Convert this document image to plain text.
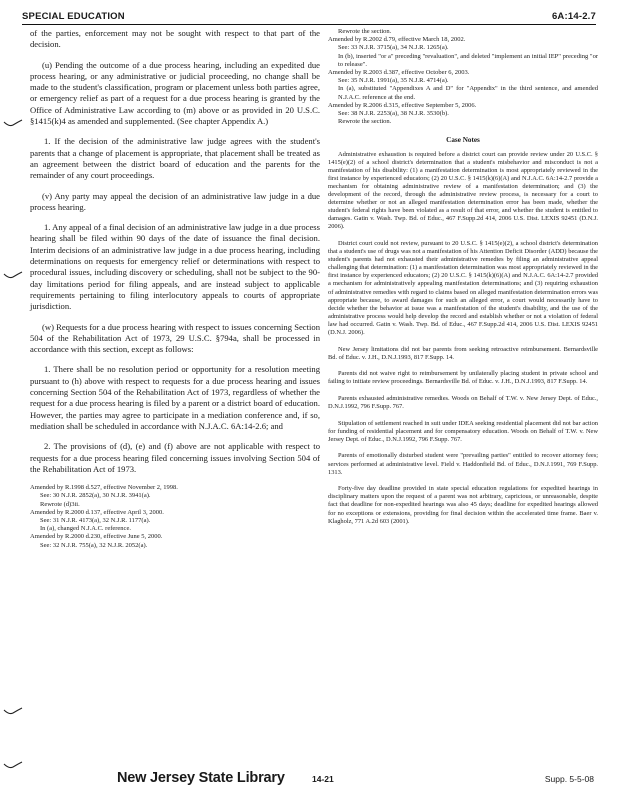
SPECIAL EDUCATION	6A:14-2.7

of the parties, enforcement may not be sought with respect to that part of the decision.

(u) Pending the outcome of a due process hearing, including an expedited due process hearing, or any administrative or judicial proceeding, no change shall be made to the student's classification, program or placement unless both parties agree, or emergency relief as part of a request for a due process hearing is granted by the Office of Administrative Law according to (m) above or as provided in 20 U.S.C. §1415(k)4 as amended and supplemented. (See chapter Appendix A.)

1. If the decision of the administrative law judge agrees with the student's parents that a change of placement is appropriate, that placement shall be treated as an agreement between the district board of education and the parents for the remainder of any court proceedings.

(v) Any party may appeal the decision of an administrative law judge in a due process hearing.

1. Any appeal of a final decision of an administrative law judge in a due process hearing shall be filed within 90 days of the date of issuance the final decision. Interim decisions of an administrative law judge in a due process hearing, including determinations on requests for emergency relief or determinations with respect to procedural issues, including discovery or scheduling, shall not be subject to the 90-day limitations period for filing appeals, and are instead subject to applicable requirements pertaining to filing interlocutory appeals to courts of appropriate jurisdiction.

(w) Requests for a due process hearing with respect to issues concerning Section 504 of the Rehabilitation Act of 1973, 29 U.S.C. §794a, shall be processed in accordance with this section, except as follows:

1. There shall be no resolution period or opportunity for a resolution meeting pursuant to (h) above with respect to requests for a due process hearing and issues concerning Section 504 of the Rehabilitation Act of 1973, regardless of whether the request for a due process hearing is filed by a parent or a district board of education. However, the parties may agree to participate in a mediation conference and, if so, mediation shall be scheduled in accordance with N.J.A.C. 6A:14-2.6; and

2. The provisions of (d), (e) and (f) above are not applicable with respect to requests for a due process hearing filed concerning issues involving Section 504 of the Rehabilitation Act of 1973.

Amended by R.1998 d.527, effective November 2, 1998.
See: 30 N.J.R. 2852(a), 30 N.J.R. 3941(a).
Rewrote (d)3ii.
Amended by R.2000 d.137, effective April 3, 2000.
See: 31 N.J.R. 4173(a), 32 N.J.R. 1177(a).
In (a), changed N.J.A.C. reference.
Amended by R.2000 d.230, effective June 5, 2000.
See: 32 N.J.R. 755(a), 32 N.J.R. 2052(a).
Rewrote the section.
Amended by R.2002 d.79, effective March 18, 2002.
See: 33 N.J.R. 3715(a), 34 N.J.R. 1265(a).
In (b), inserted "or a" preceding "revaluation", and deleted "implement an initial IEP" preceding "or to release".
Amended by R.2003 d.387, effective October 6, 2003.
See: 35 N.J.R. 1991(a), 35 N.J.R. 4714(a).
In (a), substituted "Appendixes A and D" for "Appendix" in the third sentence, and amended N.J.A.C. reference at the end.
Amended by R.2006 d.315, effective September 5, 2006.
See: 38 N.J.R. 2253(a), 38 N.J.R. 3530(b).
Rewrote the section.
Case Notes

Administrative exhaustion is required before a district court can provide review under 20 U.S.C. § 1415(e)(2) of a school district's determination that a student's misbehavior and misconduct is not a manifestation of his disability: (1) a manifestation determination is most appropriately reviewed in the first instance by experienced educators; (2) 20 U.S.C. § 1415(k)(6)(A) and N.J.A.C. 6A:14-2.7 provide a mechanism for obtaining administrative review of a manifestation determination; and (3) the development of the record, through the administrative review process, is necessary for a court to determine whether or not an alleged manifestation determination error has been made, whether the student's federal rights have been violated as a result of that error, and whether the student is entitled to damages. Gatin v. Wash. Twp. Bd. of Educ., 467 F.Supp.2d 414, 2006 U.S. Dist. LEXIS 92451 (D.N.J. 2006).

District court could not review, pursuant to 20 U.S.C. § 1415(e)(2), a school district's determination that a student's use of drugs was not a manifestation of his Attention Deficit Disorder (ADD) because the student's parents had not exhausted their administrative remedies by filing an administrative appeal challenging that determination: (1) a manifestation determination was most appropriately reviewed in the first instance by experienced educators; (2) 20 U.S.C. § 1415(k)(6)(A) and N.J.A.C. 6A:14-2.7 provided a mechanism for administratively appealing manifestation determinations; and (3) requiring exhaustion of administrative remedies with regard to claims based on alleged manifestation determination errors was appropriate because, to award damages for such an alleged error, a court would necessarily have to decide whether the behavior at issue was a manifestation of the student's disability, and the use of the administrative process would help develop the record and establish whether or not a violation of federal law had occurred. Gatin v. Wash. Twp. Bd. of Educ., 467 F.Supp.2d 414, 2006 U.S. Dist. LEXIS 92451 (D.N.J. 2006).

New Jersey limitations did not bar parents from seeking retroactive reimbursement. Bernardsville Bd. of Educ. v. J.H., D.N.J.1993, 817 F.Supp. 14.

Parents did not waive right to reimbursement by unilaterally placing student in private school and failing to initiate review proceedings. Bernardsville Bd. of Educ. v. J.H., D.N.J.1993, 817 F.Supp. 14.

Parents exhausted administrative remedies. Woods on Behalf of T.W. v. New Jersey Dept. of Educ., D.N.J.1992, 796 F.Supp. 767.

Stipulation of settlement reached in suit under IDEA seeking residential placement did not bar action for funding of residential placement and for compensatory education. Woods on Behalf of T.W. v. New Jersey Dept. of Educ., D.N.J.1992, 796 F.Supp. 767.

Parents of emotionally disturbed student were "prevailing parties" entitled to recover attorney fees; services performed at administrative level. Field v. Haddonfield Bd. of Educ., D.N.J.1991, 769 F.Supp. 1313.

Forty-five day deadline provided in state special education regulations for expedited hearings in disciplinary matters upon the request of a parent was not arbitrary, capricious, or unreasonable, despite fact that deadline for non-expedited hearings was also 45 days; deadline for expedited hearings allowed for no exceptions or extensions, providing for final decision within the accelerated time frame. Baer v. Klagholz, 771 A.2d 603 (2001).

New Jersey State Library	14-21	Supp. 5-5-08
